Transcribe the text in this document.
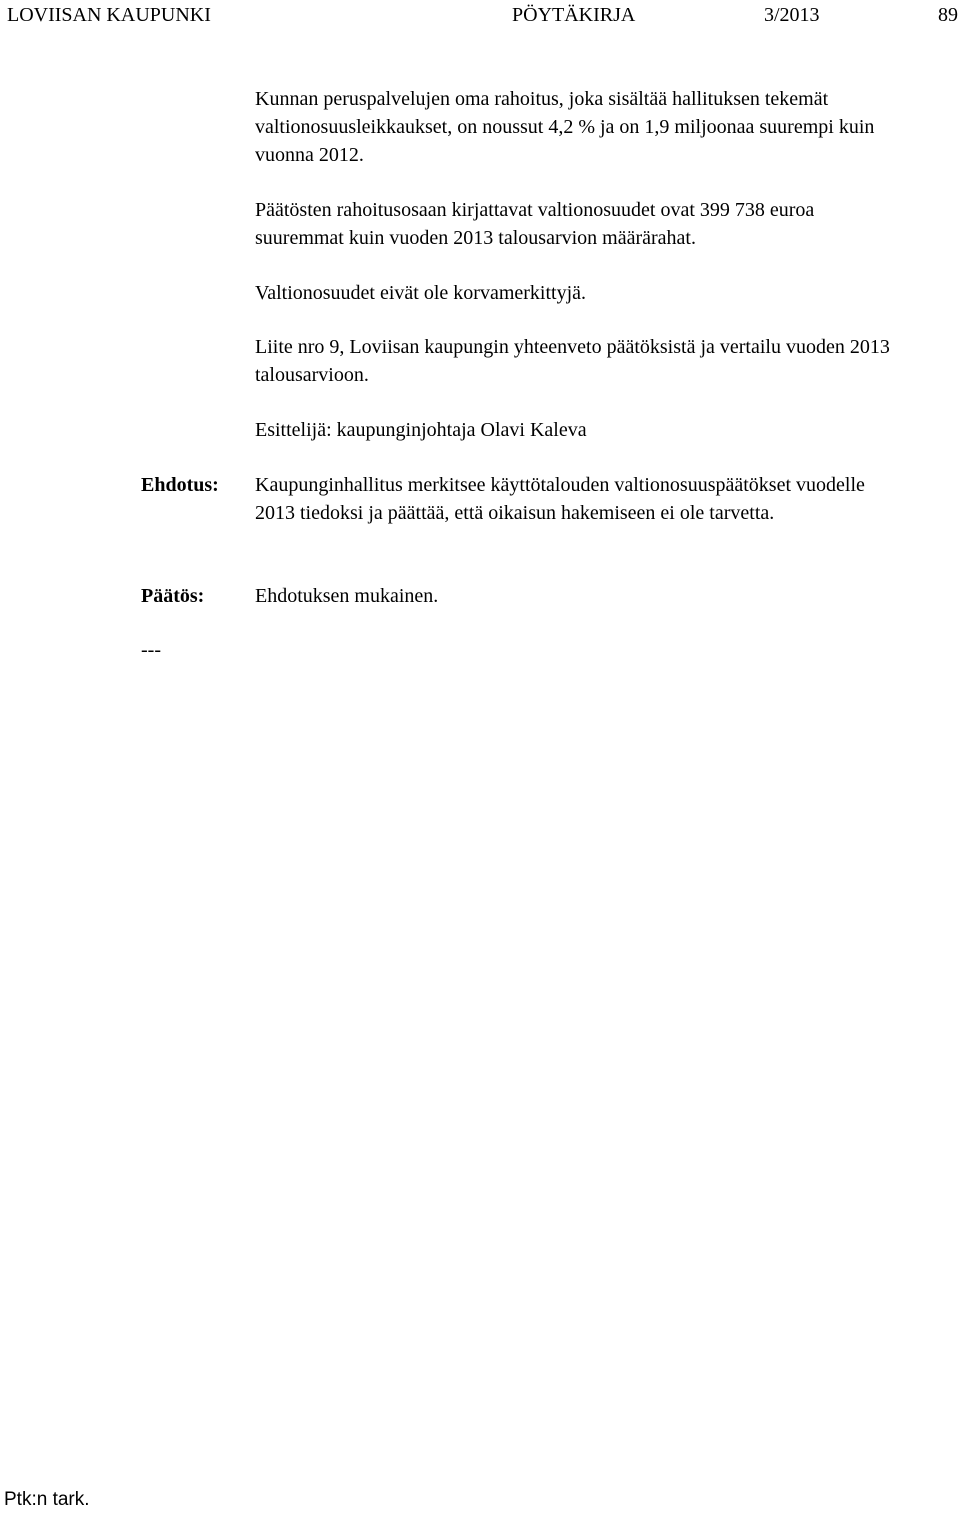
LOVIISAN KAUPUNKI	PÖYTÄKIRJA	3/2013	89

Kunnan peruspalvelujen oma rahoitus, joka sisältää hallituksen tekemät valtionosuusleikkaukset, on noussut 4,2 % ja on 1,9 miljoonaa suurempi kuin vuonna 2012.

Päätösten rahoitusosaan kirjattavat valtionosuudet ovat 399 738 euroa suuremmat kuin vuoden 2013 talousarvion määrärahat.

Valtionosuudet eivät ole korvamerkittyjä.

Liite nro 9, Loviisan kaupungin yhteenveto päätöksistä ja vertailu vuoden 2013 talousarvioon.

Esittelijä: kaupunginjohtaja Olavi Kaleva

Ehdotus: Kaupunginhallitus merkitsee käyttötalouden valtionosuuspäätökset vuodelle 2013 tiedoksi ja päättää, että oikaisun hakemiseen ei ole tarvetta.

Päätös:	Ehdotuksen mukainen.

---

Ptk:n tark.
